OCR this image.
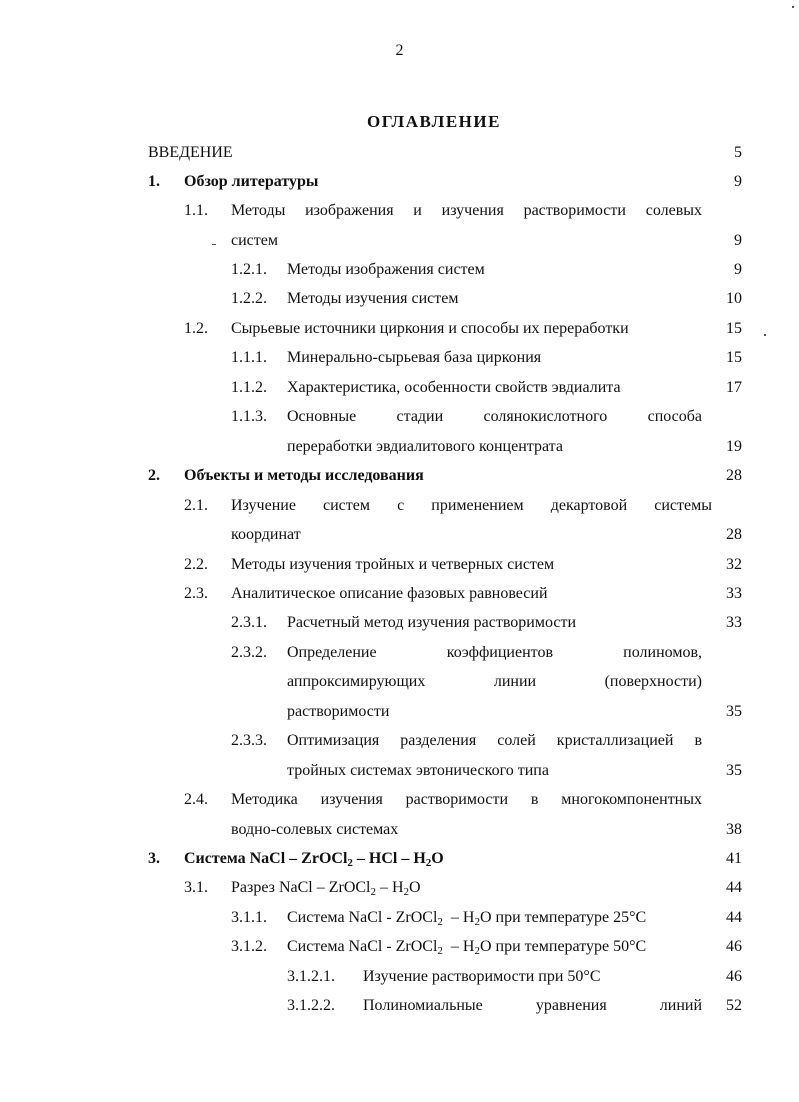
2
ОГЛАВЛЕНИЕ
ВВЕДЕНИЕ	5
1. Обзор литературы	9
1.1. Методы изображения и изучения растворимости солевых
систем	9
1.2.1. Методы изображения систем	9
1.2.2. Методы изучения систем	10
1.2. Сырьевые источники циркония и способы их переработки	15
1.1.1. Минерально-сырьевая база циркония	15
1.1.2. Характеристика, особенности свойств эвдиалита	17
1.1.3. Основные стадии солянокислотного способа
переработки эвдиалитового концентрата	19
2. Объекты и методы исследования	28
2.1. Изучение систем с применением декартовой системы
координат	28
2.2. Методы изучения тройных и четверных систем	32
2.3. Аналитическое описание фазовых равновесий	33
2.3.1. Расчетный метод изучения растворимости	33
2.3.2. Определение коэффициентов полиномов,
аппроксимирующих линии (поверхности)
растворимости	35
2.3.3. Оптимизация разделения солей кристаллизацией в
тройных системах эвтонического типа	35
2.4. Методика изучения растворимости в многокомпонентных
водно-солевых системах	38
3. Система NaCl – ZrOCl$_2$ – HCl – $H_2O$	41
3.1. Разрез NaCl – ZrOCl$_2$ – $H_2O$	44
3.1.1. Система NaCl - ZrOCl$_2$  – $H_2O$ при температуре 25°C	44
3.1.2. Система NaCl - ZrOCl$_2$  – $H_2O$ при температуре 50°C	46
3.1.2.1. Изучение растворимости при 50°C	46
3.1.2.2. Полиномиальные уравнения линий 52
